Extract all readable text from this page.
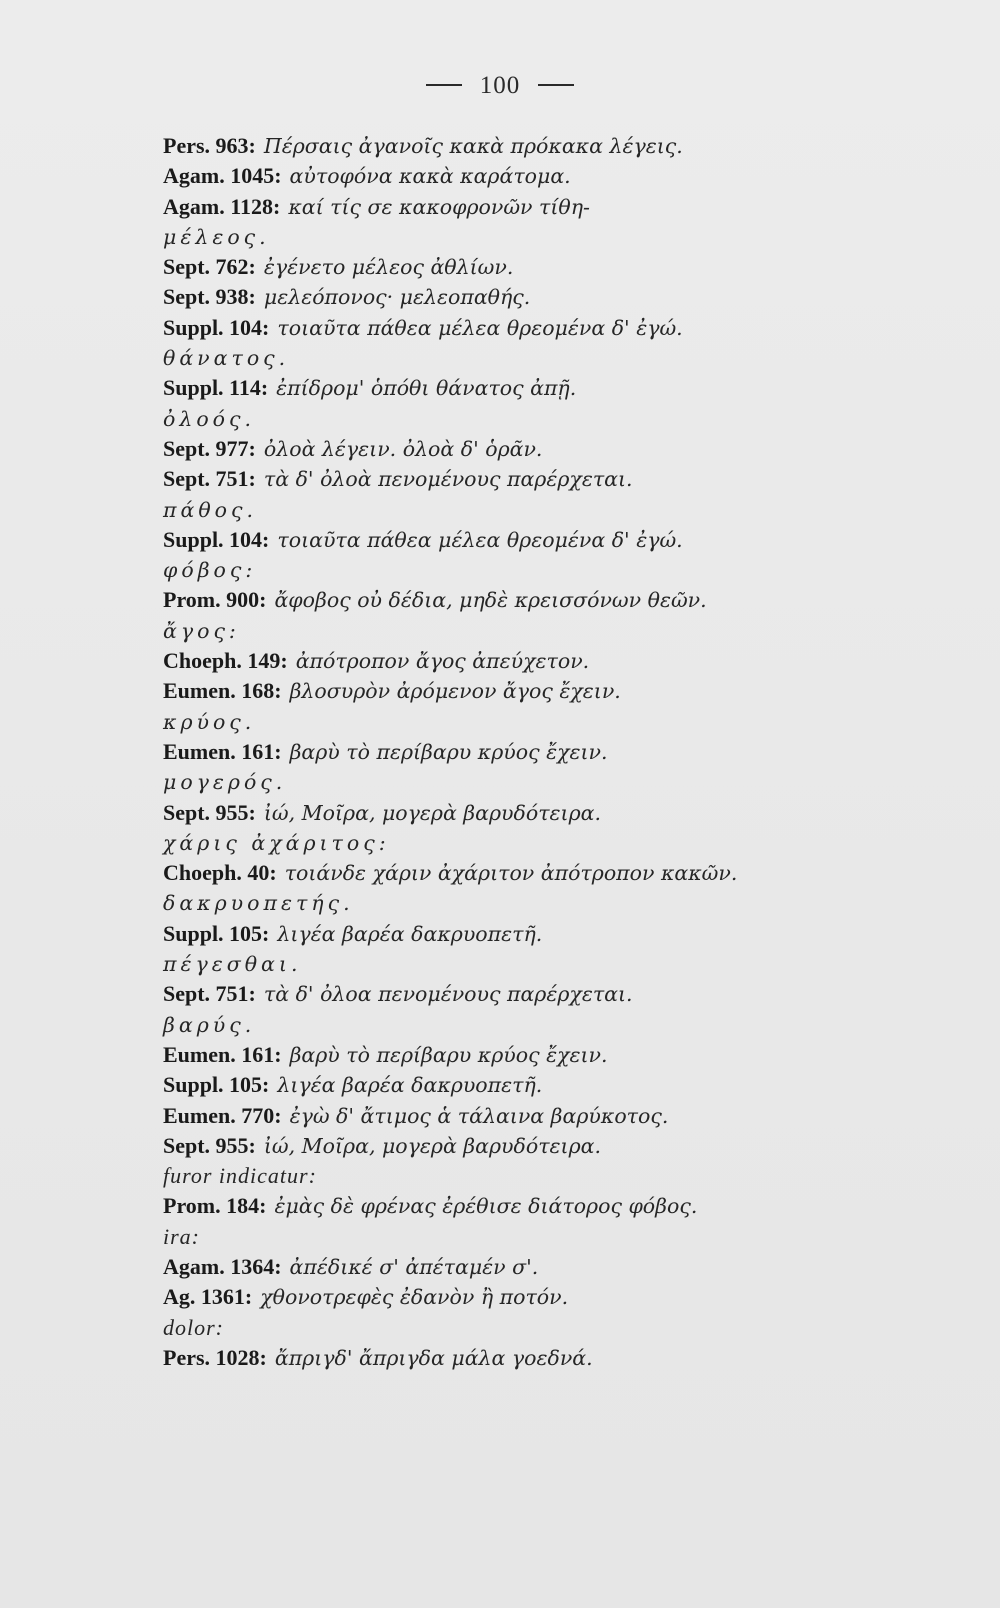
100
Pers. 963: Πέρσαις ἀγανοῖς κακὰ πρόκακα λέγεις.
Agam. 1045: αὐτοφόνα κακὰ καράτομα.
Agam. 1128: καί τίς σε κακοφρονῶν τίθη-
μέλεος.
Sept. 762: ἐγένετο μέλεος ἀθλίων.
Sept. 938: μελεόπονος· μελεοπαθής.
Suppl. 104: τοιαῦτα πάθεα μέλεα θρεομένα δ' ἐγώ.
θάνατος.
Suppl. 114: ἐπίδρομ' ὁπόθι θάνατος ἀπῇ.
ὀλοός.
Sept. 977: ὀλοὰ λέγειν. ὀλοὰ δ' ὁρᾶν.
Sept. 751: τὰ δ' ὀλοὰ πενομένους παρέρχεται.
πάθος.
Suppl. 104: τοιαῦτα πάθεα μέλεα θρεομένα δ' ἐγώ.
φόβος:
Prom. 900: ἄφοβος οὐ δέδια, μηδὲ κρεισσόνων θεῶν.
ἄγος:
Choeph. 149: ἀπότροπον ἄγος ἀπεύχετον.
Eumen. 168: βλοσυρὸν ἀρόμενον ἄγος ἔχειν.
κρύος.
Eumen. 161: βαρὺ τὸ περίβαρυ κρύος ἔχειν.
μογερός.
Sept. 955: ἰώ, Μοῖρα, μογερὰ βαρυδότειρα.
χάρις ἀχάριτος:
Choeph. 40: τοιάνδε χάριν ἀχάριτον ἀπότροπον κακῶν.
δακρυοπετής.
Suppl. 105: λιγέα βαρέα δακρυοπετῆ.
πέγεσθαι.
Sept. 751: τὰ δ' ὀλοα πενομένους παρέρχεται.
βαρύς.
Eumen. 161: βαρὺ τὸ περίβαρυ κρύος ἔχειν.
Suppl. 105: λιγέα βαρέα δακρυοπετῆ.
Eumen. 770: ἐγὼ δ' ἄτιμος ἁ τάλαινα βαρύκοτος.
Sept. 955: ἰώ, Μοῖρα, μογερὰ βαρυδότειρα.
furor indicatur:
Prom. 184: ἐμὰς δὲ φρένας ἐρέθισε διάτορος φόβος.
ira:
Agam. 1364: ἀπέδικέ σ' ἀπέταμέν σ'.
Ag. 1361: χθονοτρεφὲς ἐδανὸν ἢ ποτόν.
dolor:
Pers. 1028: ἄπριγδ' ἄπριγδα μάλα γοεδνά.
